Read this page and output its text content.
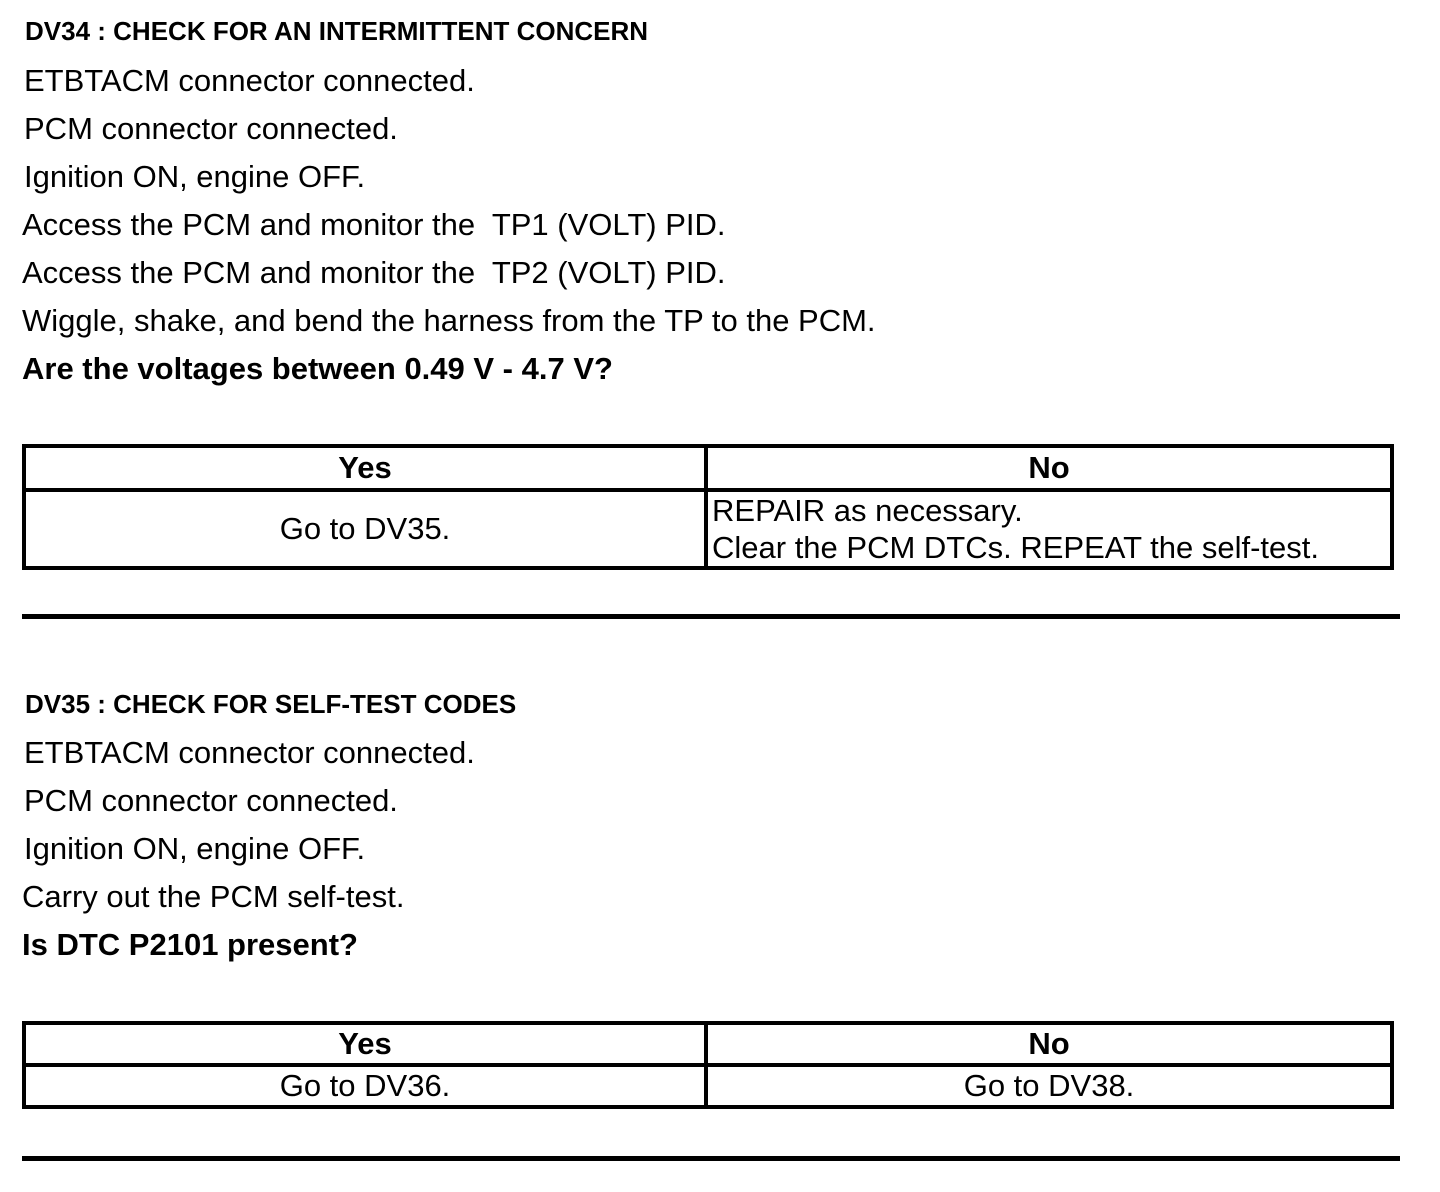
DV34 : CHECK FOR AN INTERMITTENT CONCERN
ETBTACM connector connected.
PCM connector connected.
Ignition ON, engine OFF.
Access the PCM and monitor the  TP1 (VOLT) PID.
Access the PCM and monitor the  TP2 (VOLT) PID.
Wiggle, shake, and bend the harness from the TP to the PCM.
Are the voltages between 0.49 V - 4.7 V?
Yes	No
Go to DV35.	REPAIR as necessary.
Clear the PCM DTCs. REPEAT the self-test.
DV35 : CHECK FOR SELF-TEST CODES
ETBTACM connector connected.
PCM connector connected.
Ignition ON, engine OFF.
Carry out the PCM self-test.
Is DTC P2101 present?
Yes	No
Go to DV36.	Go to DV38.
